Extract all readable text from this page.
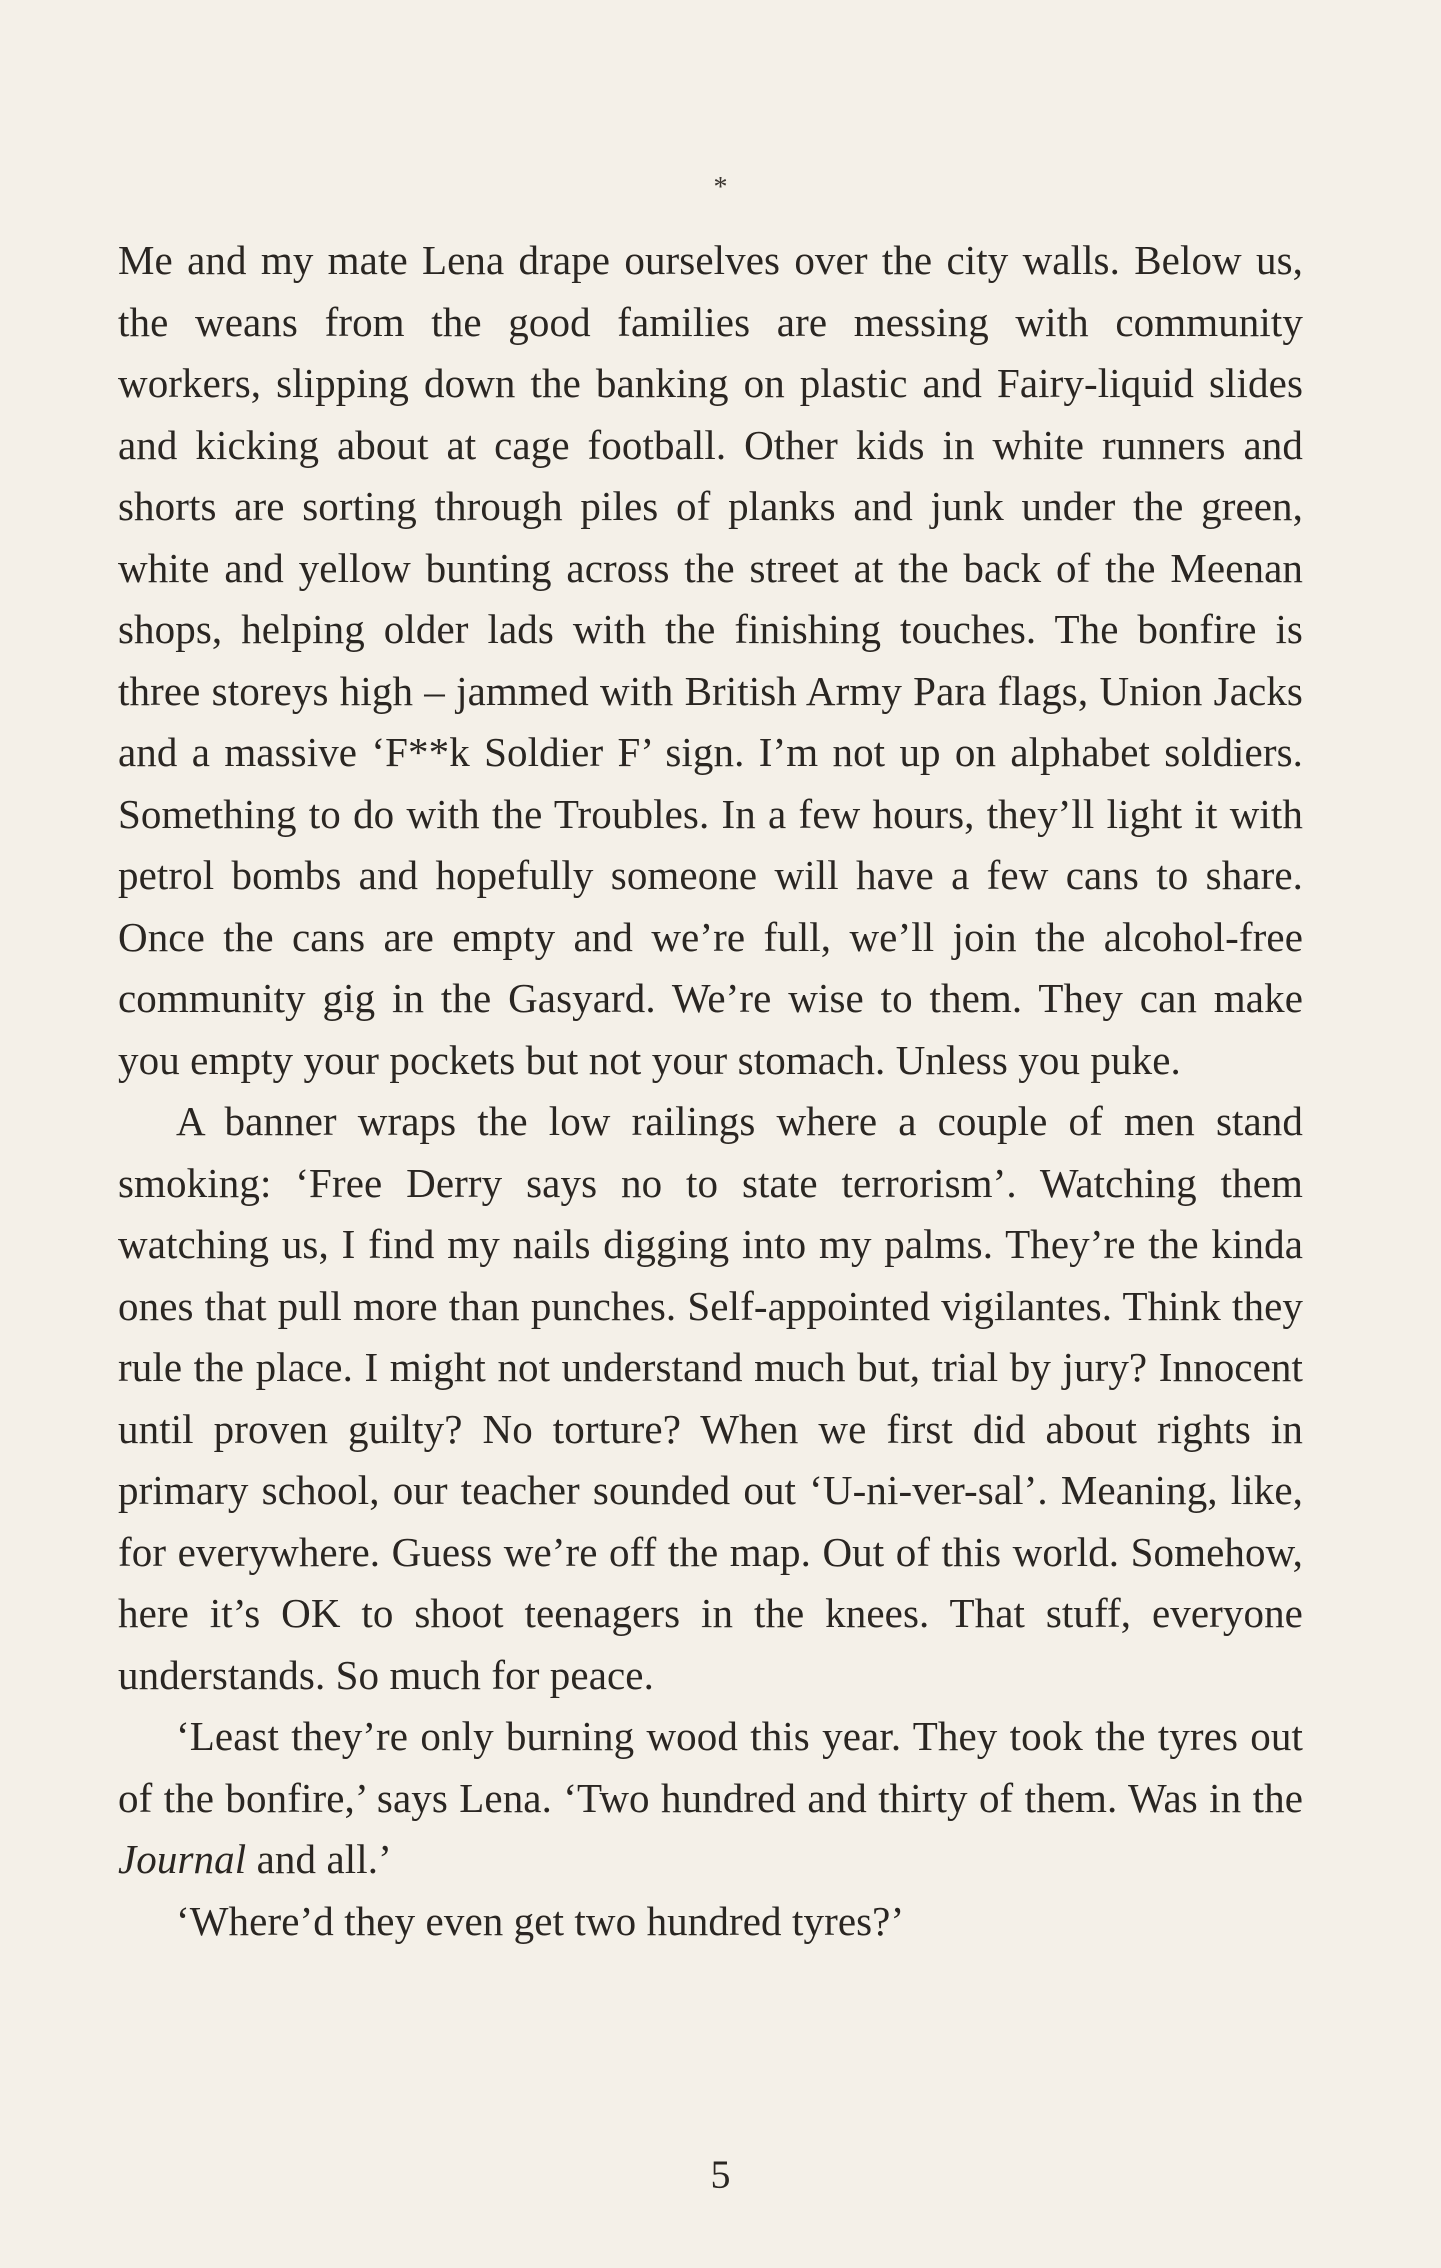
*

Me and my mate Lena drape ourselves over the city walls. Below us, the weans from the good families are messing with community workers, slipping down the banking on plastic and Fairy-liquid slides and kicking about at cage football. Other kids in white runners and shorts are sorting through piles of planks and junk under the green, white and yellow bunting across the street at the back of the Meenan shops, helping older lads with the finishing touches. The bonfire is three storeys high – jammed with British Army Para flags, Union Jacks and a massive ‘F**k Soldier F’ sign. I’m not up on alphabet soldiers. Something to do with the Troubles. In a few hours, they’ll light it with petrol bombs and hopefully someone will have a few cans to share. Once the cans are empty and we’re full, we’ll join the alcohol-free community gig in the Gasyard. We’re wise to them. They can make you empty your pockets but not your stomach. Unless you puke.

A banner wraps the low railings where a couple of men stand smoking: ‘Free Derry says no to state terrorism’. Watching them watching us, I find my nails digging into my palms. They’re the kinda ones that pull more than punches. Self-appointed vigilantes. Think they rule the place. I might not understand much but, trial by jury? Innocent until proven guilty? No torture? When we first did about rights in primary school, our teacher sounded out ‘U-ni-ver-sal’. Meaning, like, for everywhere. Guess we’re off the map. Out of this world. Somehow, here it’s OK to shoot teenagers in the knees. That stuff, everyone understands. So much for peace.

‘Least they’re only burning wood this year. They took the tyres out of the bonfire,’ says Lena. ‘Two hundred and thirty of them. Was in the Journal and all.’

‘Where’d they even get two hundred tyres?’

5
